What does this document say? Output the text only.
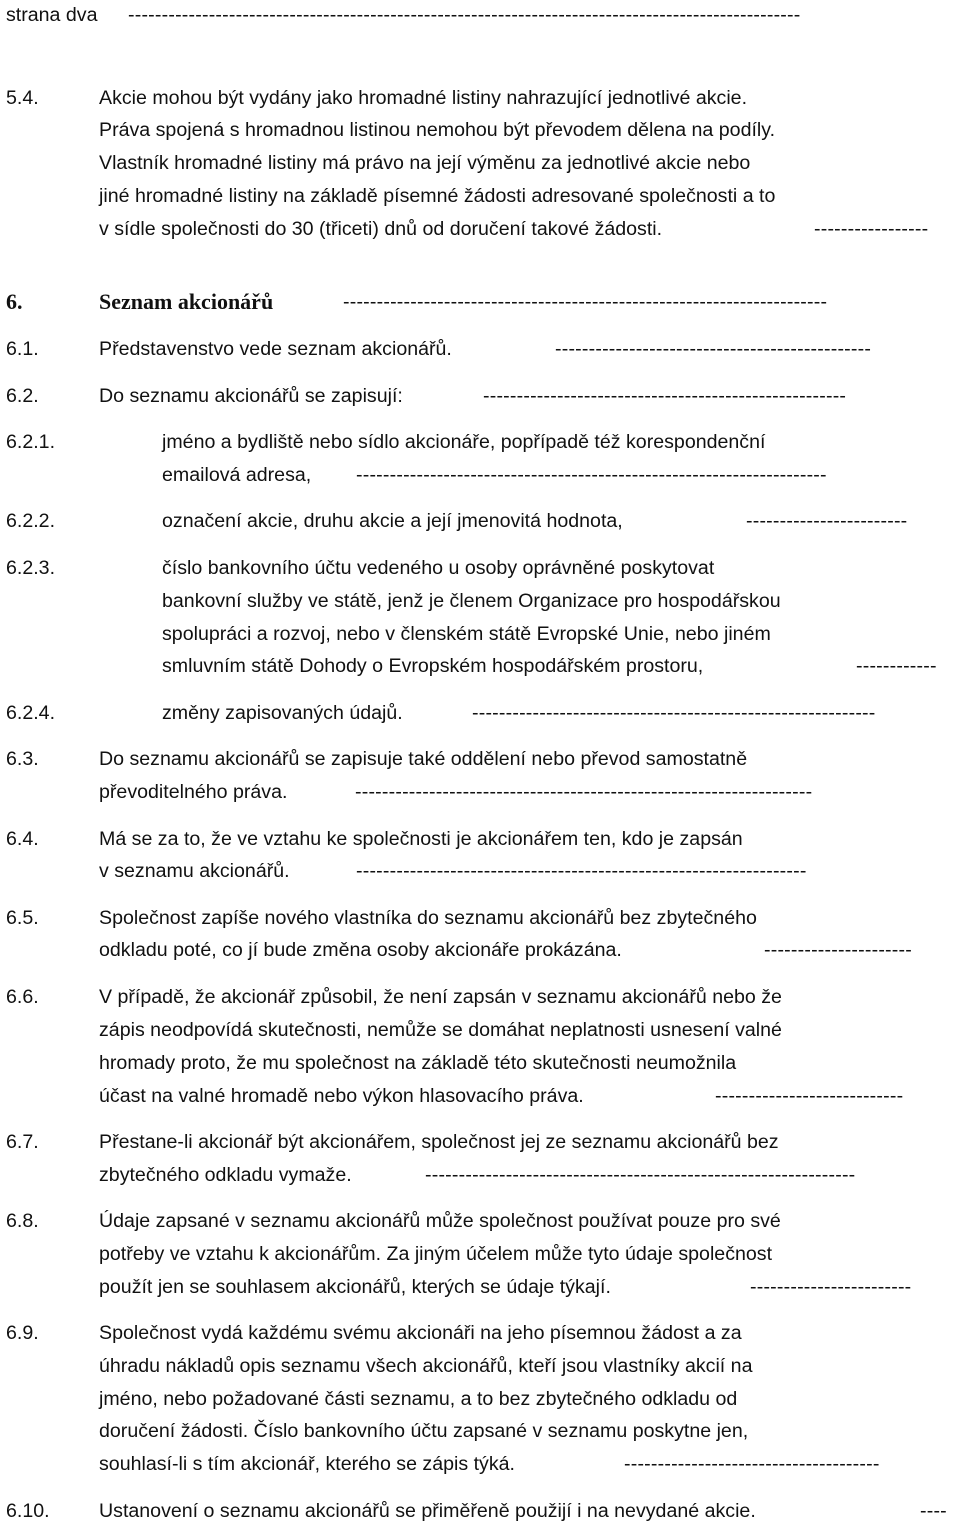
strana dva ----------------------------------------------------------------------------------------------------
5.4.	Akcie mohou být vydány jako hromadné listiny nahrazující jednotlivé akcie.
Práva spojená s hromadnou listinou nemohou být převodem dělena na podíly.
Vlastník hromadné listiny má právo na její výměnu za jednotlivé akcie nebo
jiné hromadné listiny na základě písemné žádosti adresované společnosti a to
v sídle společnosti do 30 (třiceti) dnů od doručení takové žádosti.	-----------------
6.	Seznam akcionářů	------------------------------------------------------------------------
6.1.	Představenstvo vede seznam akcionářů.	-----------------------------------------------
6.2.	Do seznamu akcionářů se zapisují:	------------------------------------------------------
6.2.1.	jméno a bydliště nebo sídlo akcionáře, popřípadě též korespondenční
emailová adresa, ----------------------------------------------------------------------
6.2.2.	označení akcie, druhu akcie a její jmenovitá hodnota,	------------------------
6.2.3.	číslo bankovního účtu vedeného u osoby oprávněné poskytovat
bankovní služby ve státě, jenž je členem Organizace pro hospodářskou
spolupráci a rozvoj, nebo v členském státě Evropské Unie, nebo jiném
smluvním státě Dohody o Evropském hospodářském prostoru,	------------
6.2.4.	změny zapisovaných údajů.	------------------------------------------------------------
6.3.	Do seznamu akcionářů se zapisuje také oddělení nebo převod samostatně
převoditelného práva.	--------------------------------------------------------------------
6.4.	Má se za to, že ve vztahu ke společnosti je akcionářem ten, kdo je zapsán
v seznamu akcionářů.	-------------------------------------------------------------------
6.5.	Společnost zapíše nového vlastníka do seznamu akcionářů bez zbytečného
odkladu poté, co jí bude změna osoby akcionáře prokázána.	----------------------
6.6.	V případě, že akcionář způsobil, že není zapsán v seznamu akcionářů nebo že
zápis neodpovídá skutečnosti, nemůže se domáhat neplatnosti usnesení valné
hromady proto, že mu společnost na základě této skutečnosti neumožnila
účast na valné hromadě nebo výkon hlasovacího práva.	----------------------------
6.7.	Přestane-li akcionář být akcionářem, společnost jej ze seznamu akcionářů bez
zbytečného odkladu vymaže.	----------------------------------------------------------------
6.8.	Údaje zapsané v seznamu akcionářů může společnost používat pouze pro své
potřeby ve vztahu k akcionářům. Za jiným účelem může tyto údaje společnost
použít jen se souhlasem akcionářů, kterých se údaje týkají.	------------------------
6.9.	Společnost vydá každému svému akcionáři na jeho písemnou žádost a za
úhradu nákladů opis seznamu všech akcionářů, kteří jsou vlastníky akcií na
jméno, nebo požadované části seznamu, a to bez zbytečného odkladu od
doručení žádosti. Číslo bankovního účtu zapsané v seznamu poskytne jen,
souhlasí-li s tím akcionář, kterého se zápis týká.	--------------------------------------
6.10.	Ustanovení o seznamu akcionářů se přiměřeně použijí i na nevydané akcie.	----
